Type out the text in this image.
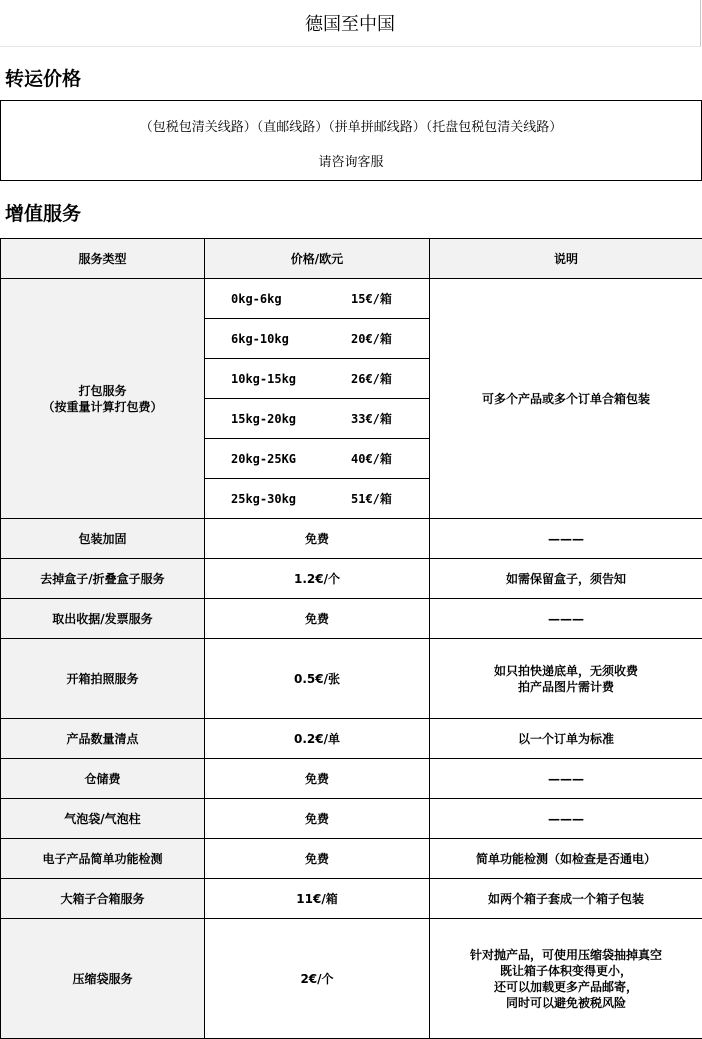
德国至中国
转运价格
（包税包清关线路）（直邮线路）（拼单拼邮线路）（托盘包税包清关线路）
请咨询客服
增值服务
服务类型	价格/欧元	说明

打包服务
（按重量计算打包费）	0kg-6kg 15€/箱	可多个产品或多个订单合箱包装
	6kg-10kg 20€/箱	
	10kg-15kg 26€/箱	
	15kg-20kg 33€/箱	
	20kg-25KG 40€/箱	
	25kg-30kg 51€/箱	
包装加固	免费	———
去掉盒子/折叠盒子服务	1.2€/个	如需保留盒子，须告知
取出收据/发票服务	免费	———
开箱拍照服务	0.5€/张	如只拍快递底单，无须收费
拍产品图片需计费
产品数量清点	0.2€/单	以一个订单为标准
仓储费	免费	———
气泡袋/气泡柱	免费	———
电子产品简单功能检测	免费	简单功能检测（如检查是否通电）
大箱子合箱服务	11€/箱	如两个箱子套成一个箱子包装
压缩袋服务	2€/个	针对抛产品，可使用压缩袋抽掉真空
既让箱子体积变得更小，
还可以加载更多产品邮寄，
同时可以避免被税风险
